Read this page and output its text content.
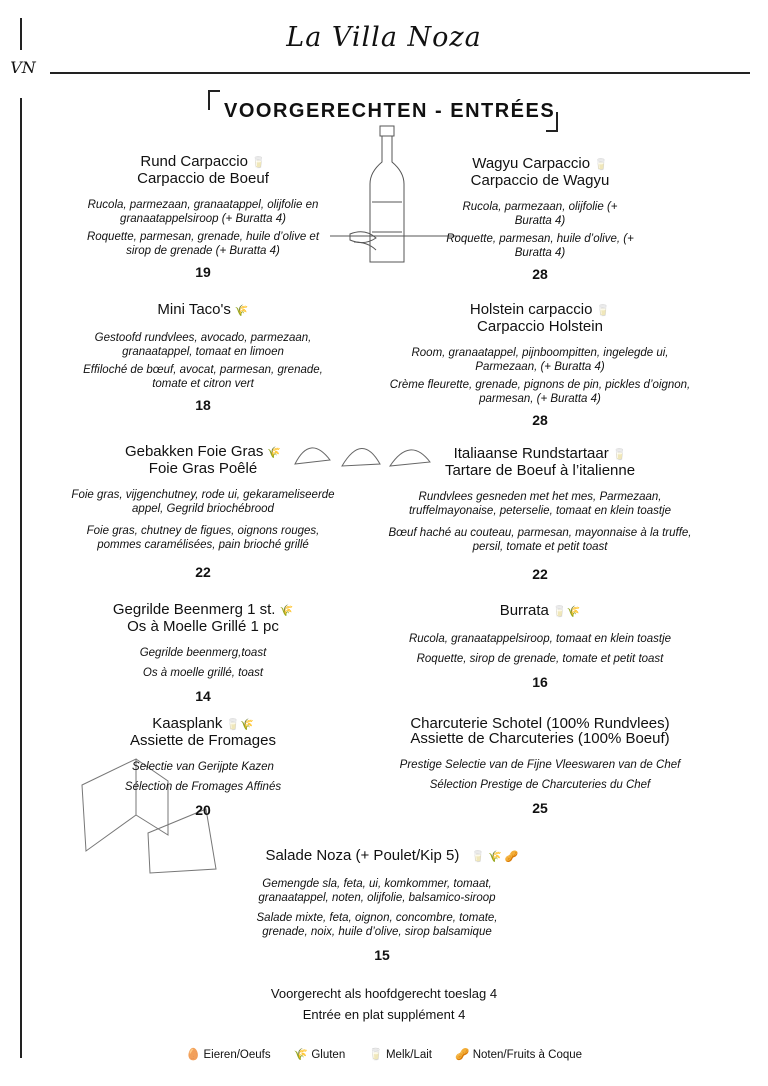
VN
La Villa Noza
VOORGERECHTEN - ENTRÉES
Rund Carpaccio 🥛
Carpaccio de Boeuf
Rucola, parmezaan, granaatappel, olijfolie en granaatappelsiroop (+ Buratta 4)
Roquette, parmesan, grenade, huile d’olive et sirop de grenade (+ Buratta 4)
19
Wagyu Carpaccio 🥛
Carpaccio de Wagyu
Rucola, parmezaan, olijfolie (+ Buratta 4)
Roquette, parmesan, huile d’olive, (+ Buratta 4)
28
Mini Taco's 🌾
Gestoofd rundvlees, avocado, parmezaan, granaatappel, tomaat en limoen
Effiloché de bœuf, avocat, parmesan, grenade, tomate et citron vert
18
Holstein carpaccio 🥛
Carpaccio Holstein
Room, granaatappel, pijnboompitten, ingelegde ui, Parmezaan, (+ Buratta 4)
Crème fleurette, grenade, pignons de pin, pickles d’oignon, parmesan, (+ Buratta 4)
28
Gebakken Foie Gras 🌾
Foie Gras Poêlé
Foie gras, vijgenchutney, rode ui, gekarameliseerde appel, Gegrild briochébrood
Foie gras, chutney de figues, oignons rouges, pommes caramélisées, pain brioché grillé
22
Italiaanse Rundstartaar 🥛
Tartare de Boeuf à l’italienne
Rundvlees gesneden met het mes, Parmezaan, truffelmayonaise, peterselie, tomaat en klein toastje
Bœuf haché au couteau, parmesan, mayonnaise à la truffe, persil, tomate et petit toast
22
Gegrilde Beenmerg 1 st. 🌾
Os à Moelle Grillé 1 pc
Gegrilde beenmerg,toast
Os à moelle grillé, toast
14
Burrata 🥛🌾
Rucola, granaatappelsiroop, tomaat en klein toastje
Roquette, sirop de grenade, tomate et petit toast
16
Kaasplank 🥛🌾
Assiette de Fromages
Selectie van Gerijpte Kazen
Sélection de Fromages Affinés
20
Charcuterie Schotel (100% Rundvlees)
Assiette de Charcuteries (100% Boeuf)
Prestige Selectie van de Fijne Vleeswaren van de Chef
Sélection Prestige de Charcuteries du Chef
25
Salade Noza (+ Poulet/Kip 5) 🥛 🌾 🥜
Gemengde sla, feta, ui, komkommer, tomaat, granaatappel, noten, olijfolie, balsamico-siroop
Salade mixte, feta, oignon, concombre, tomate, grenade, noix, huile d’olive, sirop balsamique
15
Voorgerecht als hoofdgerecht toeslag 4
Entrée en plat supplément 4
🥚 Eieren/Oeufs 🌾 Gluten 🥛 Melk/Lait 🥜 Noten/Fruits à Coque
